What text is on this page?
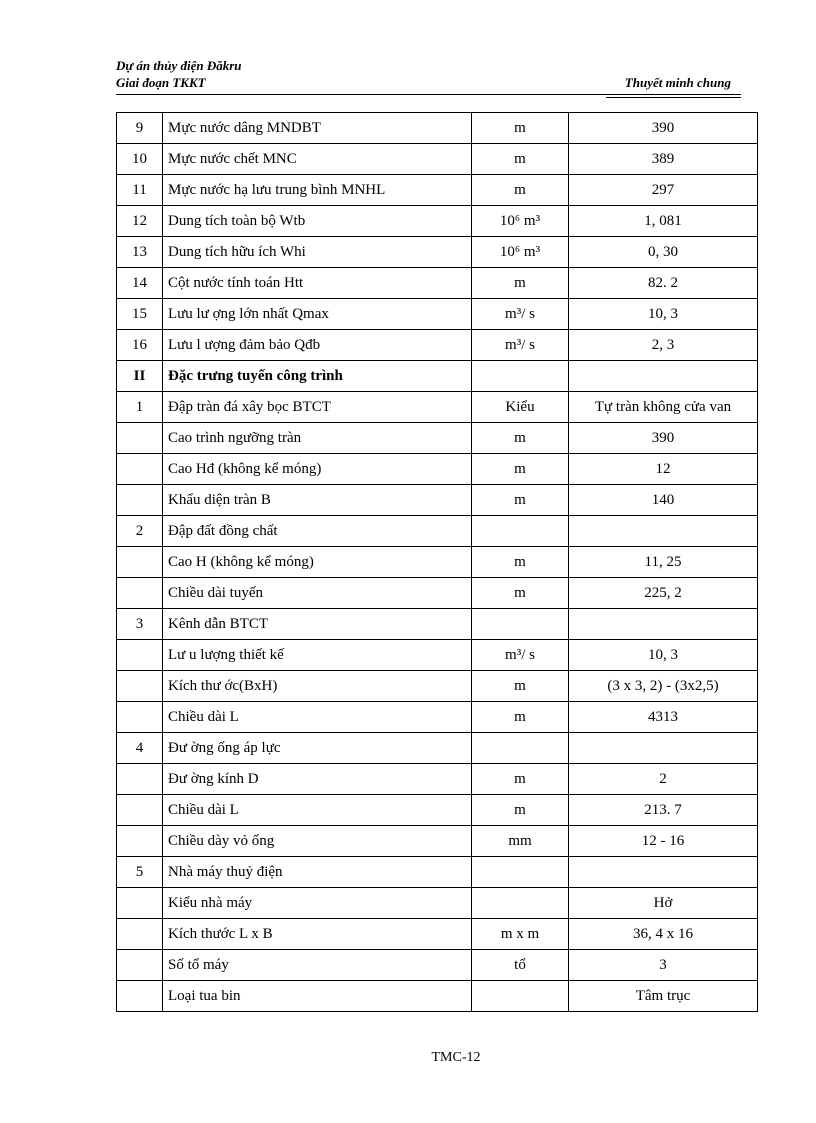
Dự án thủy điện Đăkru
Giai đoạn TKKT	Thuyết minh chung
9	Mực nước dâng MNDBT	m	390
10	Mực nước chết MNC	m	389
11	Mực nước hạ lưu trung bình MNHL	m	297
12	Dung tích toàn bộ Wtb	10⁶ m³	1, 081
13	Dung tích hữu ích Whi	10⁶ m³	0, 30
14	Cột nước tính toán Htt	m	82. 2
15	Lưu lư ợng lớn nhất Qmax	m³/ s	10, 3
16	Lưu l ượng đảm bảo Qđb	m³/ s	2, 3
II	Đặc trưng tuyến công trình		
1	Đập tràn đá xây bọc BTCT	Kiểu	Tự tràn không cửa van
	Cao trình ngưỡng tràn	m	390
	Cao Hđ (không kể móng)	m	12
	Khẩu diện tràn B	m	140
2	Đập đất đồng chất		
	Cao H (không kể móng)	m	11, 25
	Chiều dài tuyến	m	225, 2
3	Kênh dẫn BTCT		
	Lư u lượng thiết kế	m³/ s	10, 3
	Kích thư ớc(BxH)	m	(3 x 3, 2) - (3x2,5)
	Chiều dài L	m	4313
4	Đư ờng ống áp lực		
	Đư ờng kính D	m	2
	Chiều dài L	m	213. 7
	Chiều dày vỏ ống	mm	12 - 16
5	Nhà máy thuỷ điện		
	Kiểu nhà máy		Hở
	Kích thước L x B	m x m	36, 4 x 16
	Số tổ máy	tổ	3
	Loại tua bin		Tâm trục
TMC-12
